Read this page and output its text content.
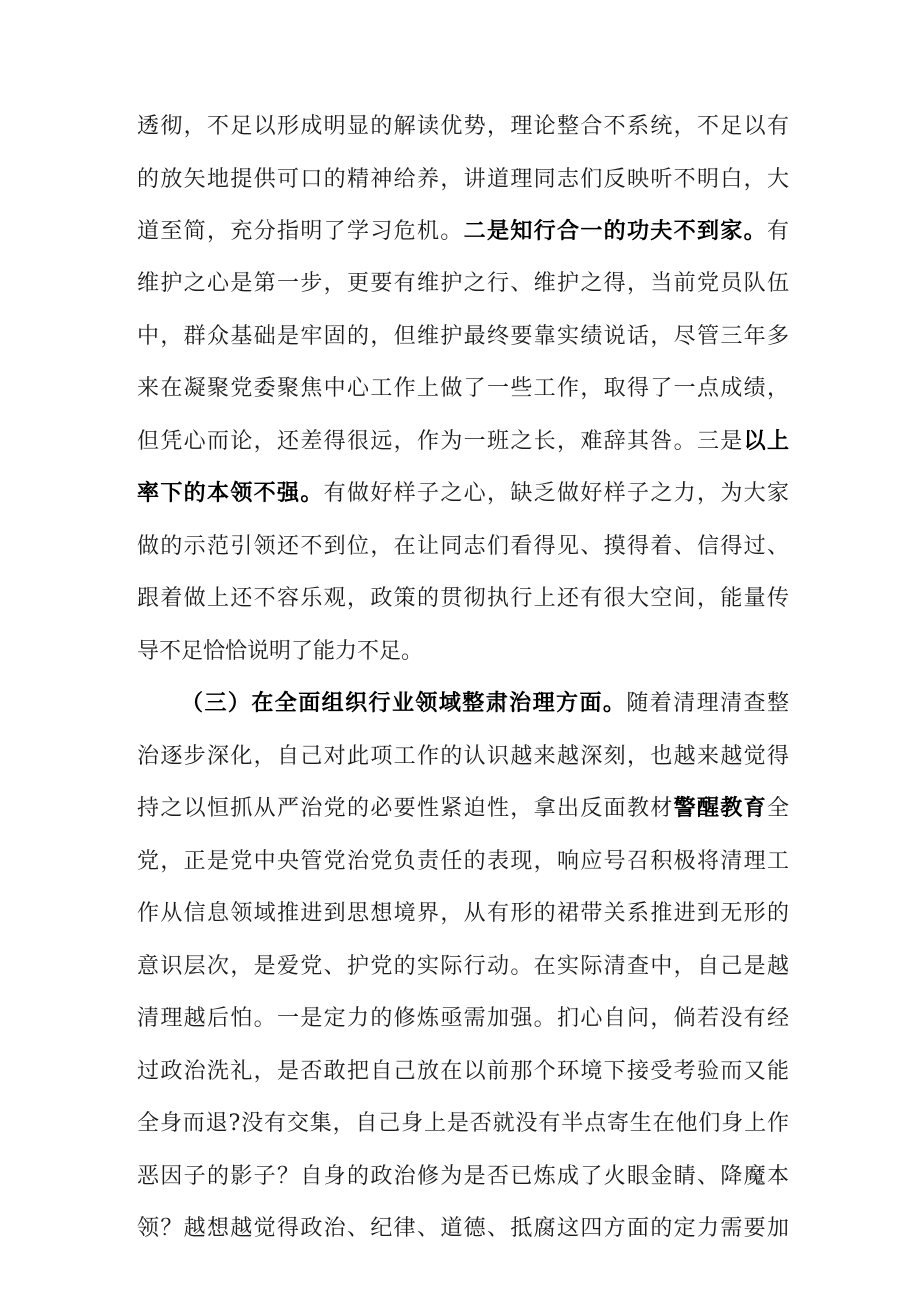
透彻，不足以形成明显的解读优势，理论整合不系统，不足以有
的放矢地提供可口的精神给养，讲道理同志们反映听不明白，大
道至简，充分指明了学习危机。二是知行合一的功夫不到家。有
维护之心是第一步，更要有维护之行、维护之得，当前党员队伍
中，群众基础是牢固的，但维护最终要靠实绩说话，尽管三年多
来在凝聚党委聚焦中心工作上做了一些工作，取得了一点成绩，
但凭心而论，还差得很远，作为一班之长，难辞其咎。三是以上
率下的本领不强。有做好样子之心，缺乏做好样子之力，为大家
做的示范引领还不到位，在让同志们看得见、摸得着、信得过、
跟着做上还不容乐观，政策的贯彻执行上还有很大空间，能量传
导不足恰恰说明了能力不足。
（三）在全面组织行业领域整肃治理方面。随着清理清查整
治逐步深化，自己对此项工作的认识越来越深刻，也越来越觉得
持之以恒抓从严治党的必要性紧迫性，拿出反面教材警醒教育全
党，正是党中央管党治党负责任的表现，响应号召积极将清理工
作从信息领域推进到思想境界，从有形的裙带关系推进到无形的
意识层次，是爱党、护党的实际行动。在实际清查中，自己是越
清理越后怕。一是定力的修炼亟需加强。扪心自问，倘若没有经
过政治洗礼，是否敢把自己放在以前那个环境下接受考验而又能
全身而退?没有交集，自己身上是否就没有半点寄生在他们身上作
恶因子的影子？自身的政治修为是否已炼成了火眼金睛、降魔本
领？越想越觉得政治、纪律、道德、抵腐这四方面的定力需要加
